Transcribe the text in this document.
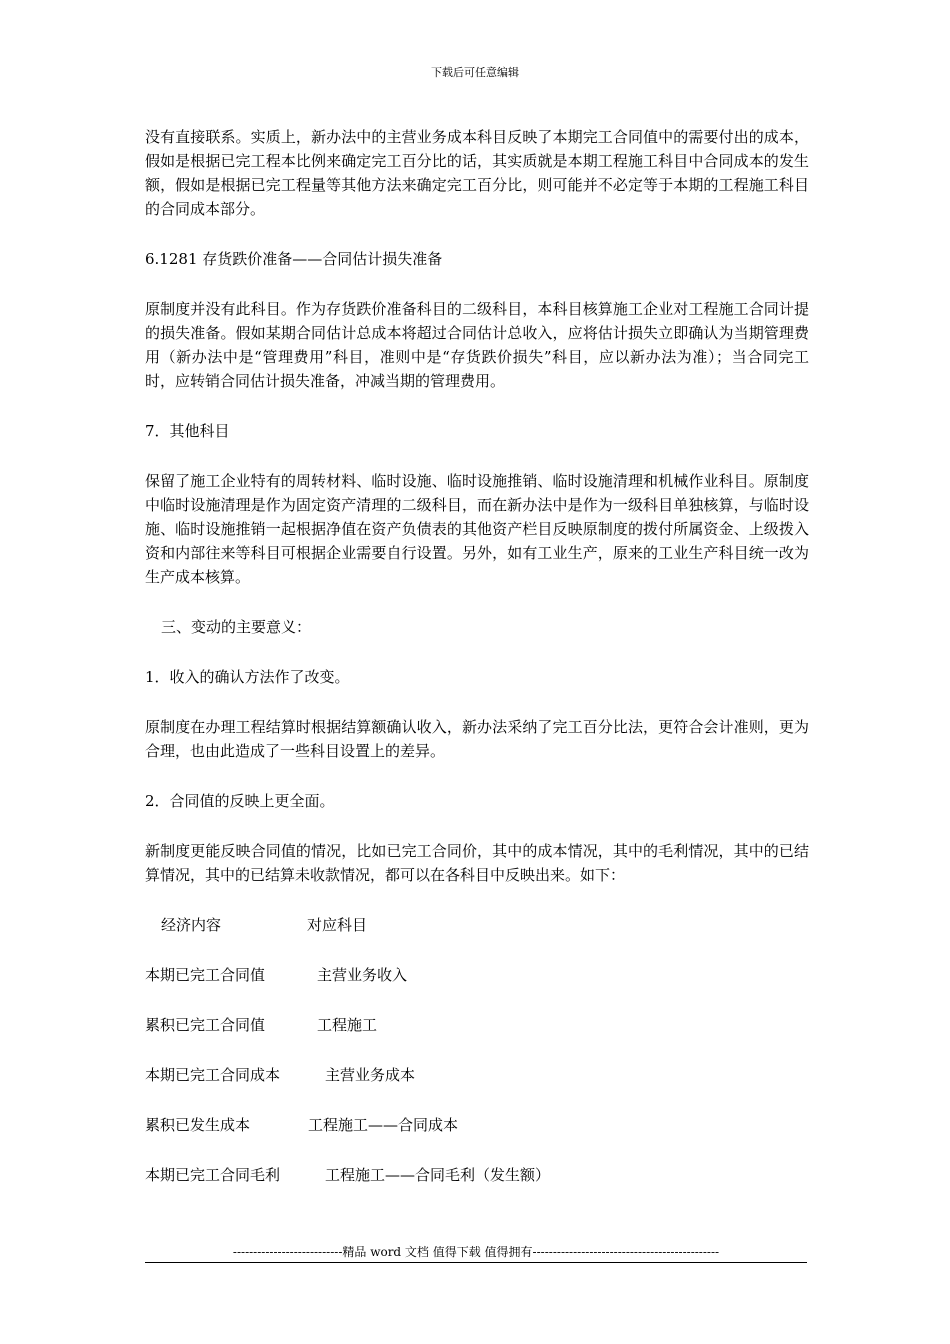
下载后可任意编辑

没有直接联系。实质上，新办法中的主营业务成本科目反映了本期完工合同值中的需要付出的成本，假如是根据已完工程本比例来确定完工百分比的话，其实质就是本期工程施工科目中合同成本的发生额，假如是根据已完工程量等其他方法来确定完工百分比，则可能并不必定等于本期的工程施工科目的合同成本部分。

6.1281 存货跌价准备——合同估计损失准备

原制度并没有此科目。作为存货跌价准备科目的二级科目，本科目核算施工企业对工程施工合同计提的损失准备。假如某期合同估计总成本将超过合同估计总收入，应将估计损失立即确认为当期管理费用（新办法中是“管理费用”科目，准则中是“存货跌价损失”科目，应以新办法为准）；当合同完工时，应转销合同估计损失准备，冲减当期的管理费用。

7．其他科目

保留了施工企业特有的周转材料、临时设施、临时设施推销、临时设施清理和机械作业科目。原制度中临时设施清理是作为固定资产清理的二级科目，而在新办法中是作为一级科目单独核算，与临时设施、临时设施推销一起根据净值在资产负债表的其他资产栏目反映原制度的拨付所属资金、上级拨入资和内部往来等科目可根据企业需要自行设置。另外，如有工业生产，原来的工业生产科目统一改为生产成本核算。

三、变动的主要意义：

1．收入的确认方法作了改变。

原制度在办理工程结算时根据结算额确认收入，新办法采纳了完工百分比法，更符合会计准则，更为合理，也由此造成了一些科目设置上的差异。

2．合同值的反映上更全面。

新制度更能反映合同值的情况，比如已完工合同价，其中的成本情况，其中的毛利情况，其中的已结算情况，其中的已结算未收款情况，都可以在各科目中反映出来。如下：

经济内容	对应科目
本期已完工合同值	主营业务收入
累积已完工合同值	工程施工
本期已完工合同成本	主营业务成本
累积已发生成本	工程施工——合同成本
本期已完工合同毛利	工程施工——合同毛利（发生额）
---------------------------精品 word 文档 值得下载 值得拥有----------------------------------------------
